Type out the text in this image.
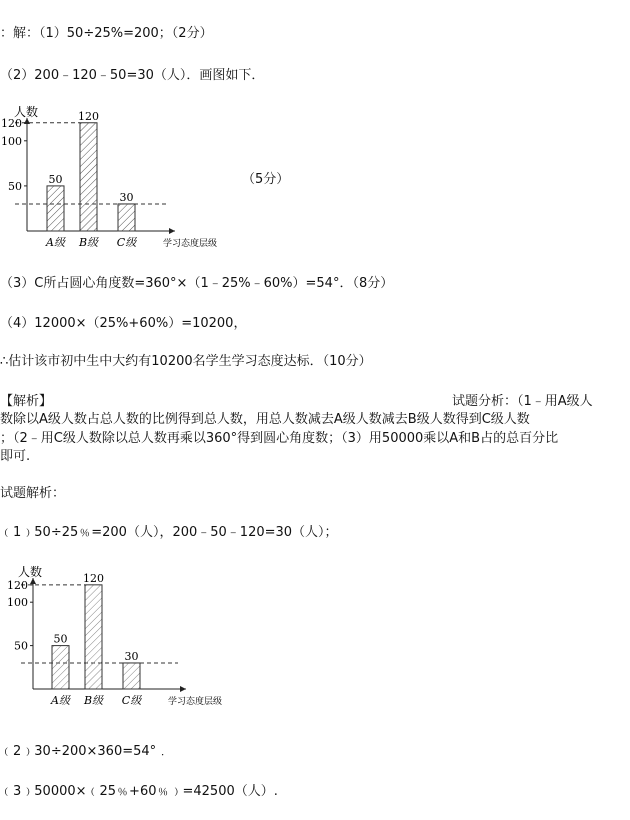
：解：（1）50÷25%=200；（2分）
（2）200﹣120﹣50=30（人）．画图如下．
50
100
120
50
A级
120
B级
30
C级
人数
学习态度层级
（5分）
（3）C所占圆心角度数=360°×（1﹣25%﹣60%）=54°．（8分）
（4）12000×（25%+60%）=10200，
∴估计该市初中生中大约有10200名学生学习态度达标．（10分）
【解析】	试题分析：（1﹣用A级人
数除以A级人数占总人数的比例得到总人数，用总人数减去A级人数减去B级人数得到C级人数
；（2﹣用C级人数除以总人数再乘以360°得到圆心角度数；（3）用50000乘以A和B占的总百分比
即可.
试题解析：
﹙1﹚50÷25﹪=200（人），200﹣50﹣120=30（人）；
50
100
120
50
A级
120
B级
30
C级
人数
学习态度层级
﹙2﹚30÷200×360=54°﹒
﹙3﹚50000×﹙25﹪+60﹪﹚=42500（人）.
